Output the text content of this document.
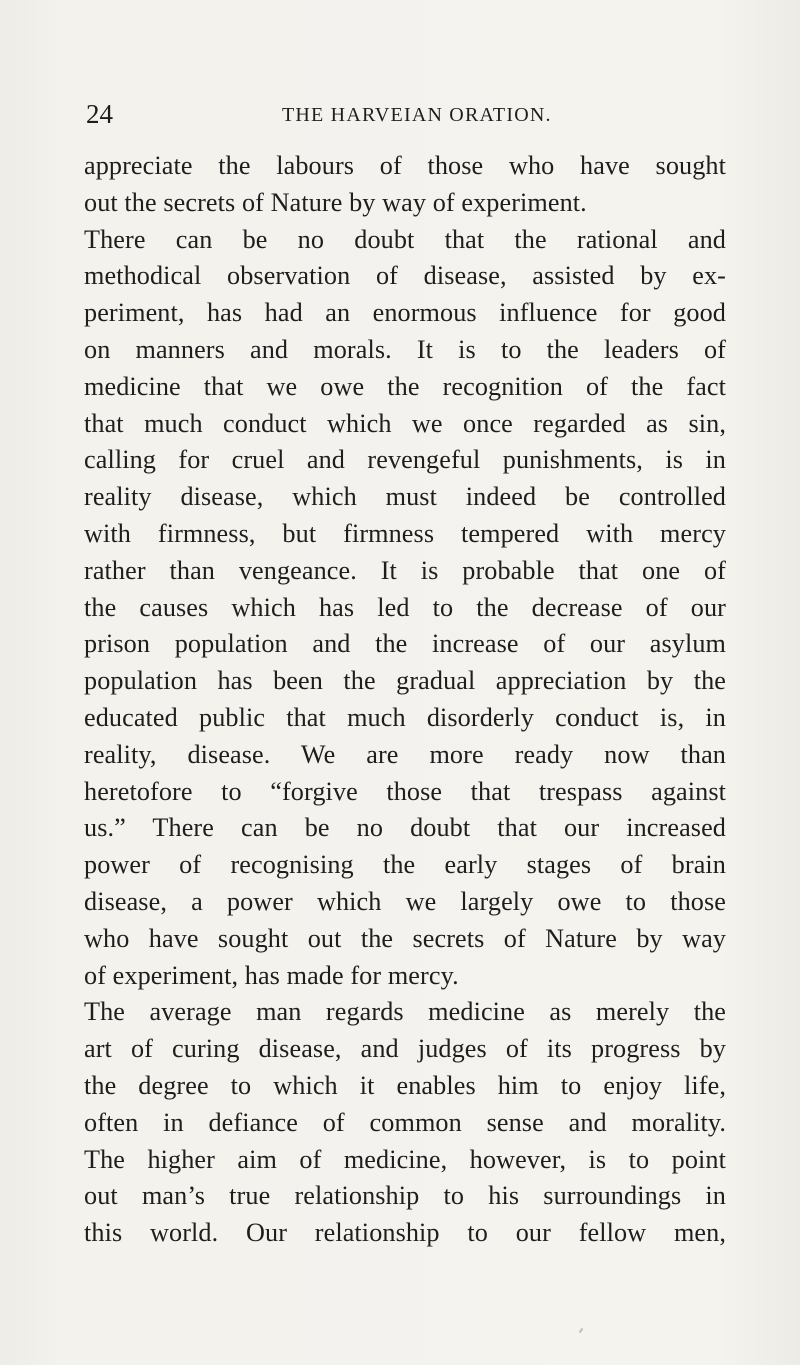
24	THE HARVEIAN ORATION.
appreciate the labours of those who have sought
out the secrets of Nature by way of experiment.
There can be no doubt that the rational and
methodical observation of disease, assisted by ex-
periment, has had an enormous influence for good
on manners and morals. It is to the leaders of
medicine that we owe the recognition of the fact
that much conduct which we once regarded as sin,
calling for cruel and revengeful punishments, is in
reality disease, which must indeed be controlled
with firmness, but firmness tempered with mercy
rather than vengeance. It is probable that one of
the causes which has led to the decrease of our
prison population and the increase of our asylum
population has been the gradual appreciation by the
educated public that much disorderly conduct is, in
reality, disease. We are more ready now than
heretofore to “forgive those that trespass against
us.” There can be no doubt that our increased
power of recognising the early stages of brain
disease, a power which we largely owe to those
who have sought out the secrets of Nature by way
of experiment, has made for mercy.
The average man regards medicine as merely the
art of curing disease, and judges of its progress by
the degree to which it enables him to enjoy life,
often in defiance of common sense and morality.
The higher aim of medicine, however, is to point
out man’s true relationship to his surroundings in
this world. Our relationship to our fellow men,
